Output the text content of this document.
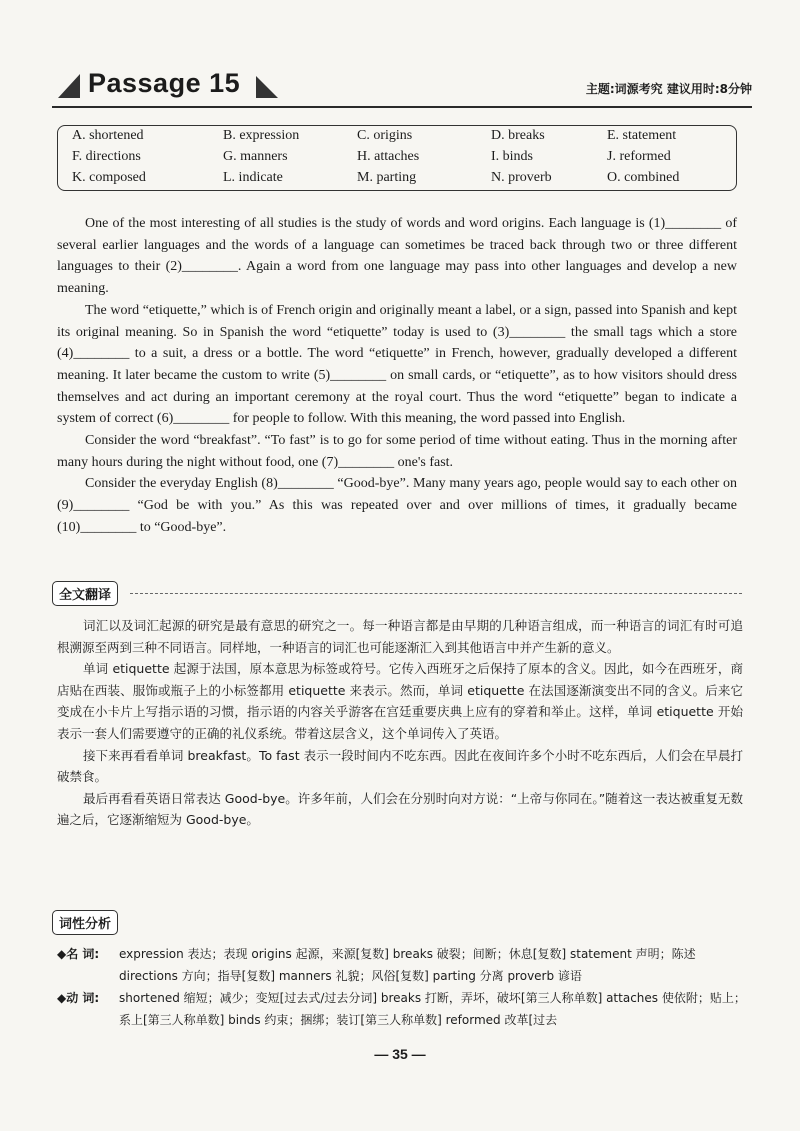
Passage 15	主题:词源考究 建议用时:8分钟
A. shortened	B. expression	C. origins	D. breaks	E. statement
F. directions	G. manners	H. attaches	I. binds	J. reformed
K. composed	L. indicate	M. parting	N. proverb	O. combined

One of the most interesting of all studies is the study of words and word origins. Each language is (1)________ of several earlier languages and the words of a language can sometimes be traced back through two or three different languages to their (2)________. Again a word from one language may pass into other languages and develop a new meaning.

The word “etiquette,” which is of French origin and originally meant a label, or a sign, passed into Spanish and kept its original meaning. So in Spanish the word “etiquette” today is used to (3)________ the small tags which a store (4)________ to a suit, a dress or a bottle. The word “etiquette” in French, however, gradually developed a different meaning. It later became the custom to write (5)________ on small cards, or “etiquette”, as to how visitors should dress themselves and act during an important ceremony at the royal court. Thus the word “etiquette” began to indicate a system of correct (6)________ for people to follow. With this meaning, the word passed into English.

Consider the word “breakfast”. “To fast” is to go for some period of time without eating. Thus in the morning after many hours during the night without food, one (7)________ one's fast.

Consider the everyday English (8)________ “Good-bye”. Many many years ago, people would say to each other on (9)________ “God be with you.” As this was repeated over and over millions of times, it gradually became (10)________ to “Good-bye”.

全文翻译

词汇以及词汇起源的研究是最有意思的研究之一。每一种语言都是由早期的几种语言组成，而一种语言的词汇有时可追根溯源至两到三种不同语言。同样地，一种语言的词汇也可能逐渐汇入到其他语言中并产生新的意义。

单词 etiquette 起源于法国，原本意思为标签或符号。它传入西班牙之后保持了原本的含义。因此，如今在西班牙，商店贴在西装、服饰或瓶子上的小标签都用 etiquette 来表示。然而，单词 etiquette 在法国逐渐演变出不同的含义。后来它变成在小卡片上写指示语的习惯，指示语的内容关乎游客在宫廷重要庆典上应有的穿着和举止。这样，单词 etiquette 开始表示一套人们需要遵守的正确的礼仪系统。带着这层含义，这个单词传入了英语。

接下来再看看单词 breakfast。To fast 表示一段时间内不吃东西。因此在夜间许多个小时不吃东西后，人们会在早晨打破禁食。

最后再看看英语日常表达 Good-bye。许多年前，人们会在分别时向对方说：“上帝与你同在。”随着这一表达被重复无数遍之后，它逐渐缩短为 Good-bye。

词性分析
◆名 词: expression 表达；表现 origins 起源，来源[复数] breaks 破裂；间断；休息[复数] statement 声明；陈述 directions 方向；指导[复数] manners 礼貌；风俗[复数] parting 分离 proverb 谚语
◆动 词: shortened 缩短；减少；变短[过去式/过去分词] breaks 打断，弄坏，破坏[第三人称单数] attaches 使依附；贴上；系上[第三人称单数] binds 约束；捆绑；装订[第三人称单数] reformed 改革[过去
— 35 —
